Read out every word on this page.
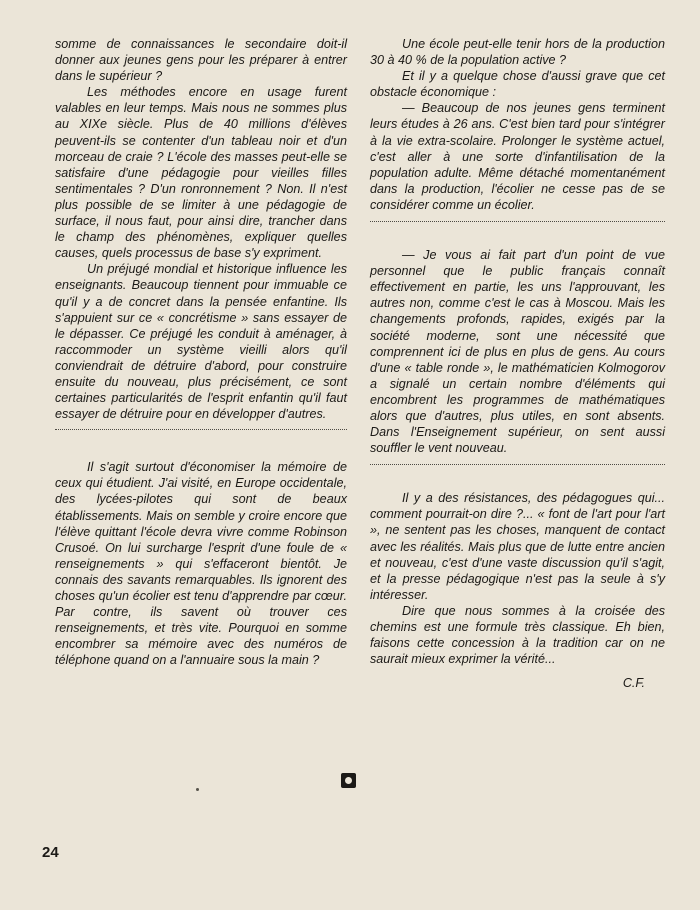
somme de connaissances le secondaire doit-il donner aux jeunes gens pour les préparer à entrer dans le supérieur ?

Les méthodes encore en usage furent valables en leur temps. Mais nous ne sommes plus au XIXe siècle. Plus de 40 millions d'élèves peuvent-ils se contenter d'un tableau noir et d'un morceau de craie ? L'école des masses peut-elle se satisfaire d'une pédagogie pour vieilles filles sentimentales ? D'un ronronnement ? Non. Il n'est plus possible de se limiter à une pédagogie de surface, il nous faut, pour ainsi dire, trancher dans le champ des phénomènes, expliquer quelles causes, quels processus de base s'y expriment.

Un préjugé mondial et historique influence les enseignants. Beaucoup tiennent pour immuable ce qu'il y a de concret dans la pensée enfantine. Ils s'appuient sur ce « concrétisme » sans essayer de le dépasser. Ce préjugé les conduit à aménager, à raccommoder un système vieilli alors qu'il conviendrait de détruire d'abord, pour construire ensuite du nouveau, plus précisément, ce sont certaines particularités de l'esprit enfantin qu'il faut essayer de détruire pour en développer d'autres.

Il s'agit surtout d'économiser la mémoire de ceux qui étudient. J'ai visité, en Europe occidentale, des lycées-pilotes qui sont de beaux établissements. Mais on semble y croire encore que l'élève quittant l'école devra vivre comme Robinson Crusoé. On lui surcharge l'esprit d'une foule de « renseignements » qui s'effaceront bientôt. Je connais des savants remarquables. Ils ignorent des choses qu'un écolier est tenu d'apprendre par cœur. Par contre, ils savent où trouver ces renseignements, et très vite. Pourquoi en somme encombrer sa mémoire avec des numéros de téléphone quand on a l'annuaire sous la main ?

Une école peut-elle tenir hors de la production 30 à 40 % de la population active ?

Et il y a quelque chose d'aussi grave que cet obstacle économique :

— Beaucoup de nos jeunes gens terminent leurs études à 26 ans. C'est bien tard pour s'intégrer à la vie extra-scolaire. Prolonger le système actuel, c'est aller à une sorte d'infantilisation de la population adulte. Même détaché momentanément dans la production, l'écolier ne cesse pas de se considérer comme un écolier.

— Je vous ai fait part d'un point de vue personnel que le public français connaît effectivement en partie, les uns l'approuvant, les autres non, comme c'est le cas à Moscou. Mais les changements profonds, rapides, exigés par la société moderne, sont une nécessité que comprennent ici de plus en plus de gens. Au cours d'une « table ronde », le mathématicien Kolmogorov a signalé un certain nombre d'éléments qui encombrent les programmes de mathématiques alors que d'autres, plus utiles, en sont absents. Dans l'Enseignement supérieur, on sent aussi souffler le vent nouveau.

Il y a des résistances, des pédagogues qui... comment pourrait-on dire ?... « font de l'art pour l'art », ne sentent pas les choses, manquent de contact avec les réalités. Mais plus que de lutte entre ancien et nouveau, c'est d'une vaste discussion qu'il s'agit, et la presse pédagogique n'est pas la seule à s'y intéresser.

Dire que nous sommes à la croisée des chemins est une formule très classique. Eh bien, faisons cette concession à la tradition car on ne saurait mieux exprimer la vérité...

C.F.

24
